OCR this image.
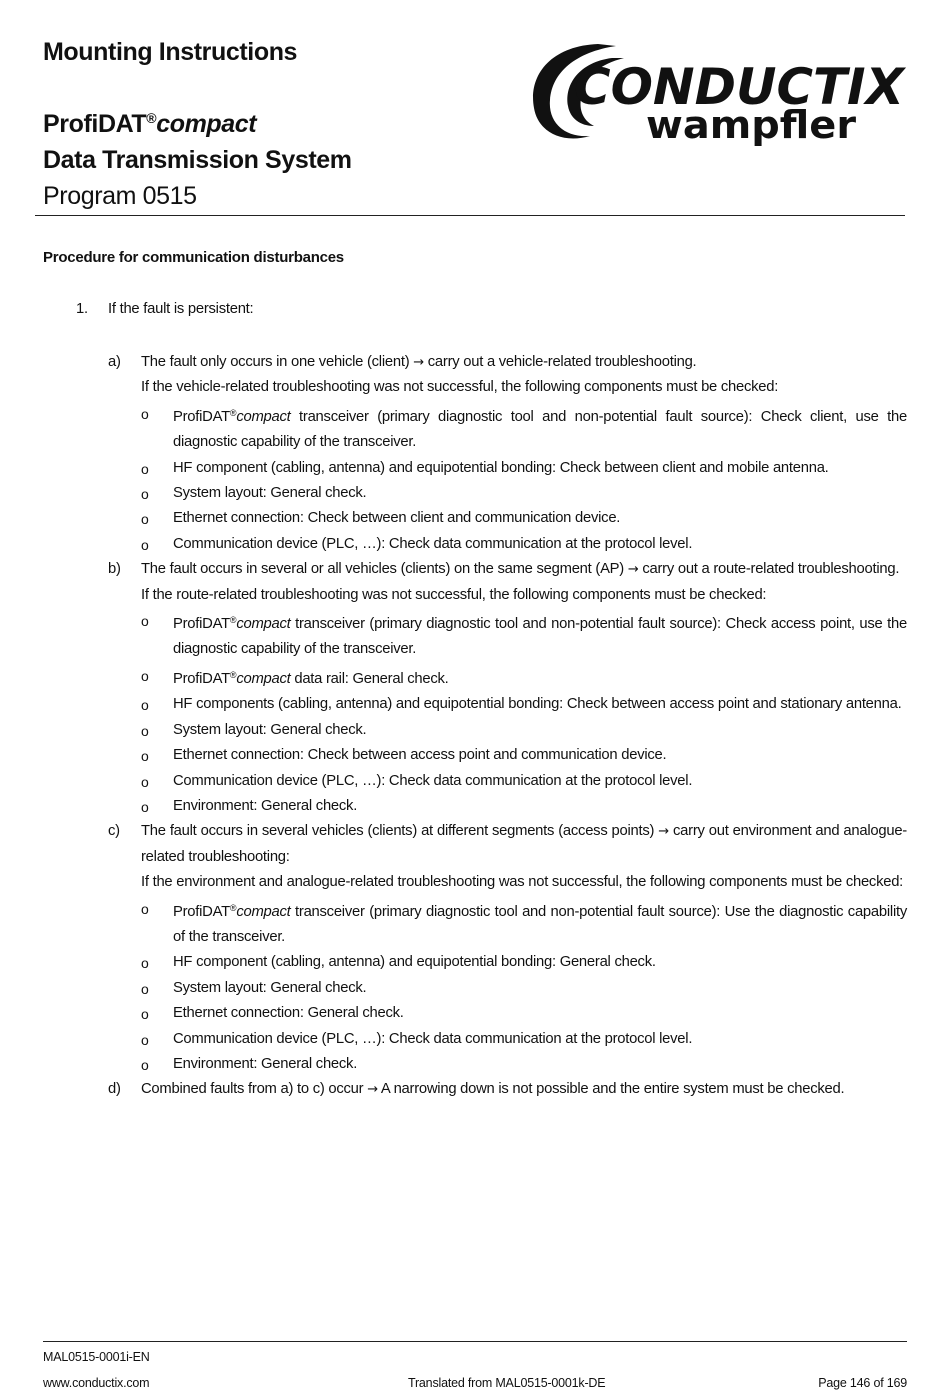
Mounting Instructions
ProfiDAT®compact
Data Transmission System
Program 0515
CONDUCTIX
wampfler
Procedure for communication disturbances
1. If the fault is persistent:
a) The fault only occurs in one vehicle (client) → carry out a vehicle-related troubleshooting.

If the vehicle-related troubleshooting was not successful, the following components must be checked:

o ProfiDAT®compact transceiver (primary diagnostic tool and non-potential fault source): Check client, use the diagnostic capability of the transceiver.
o HF component (cabling, antenna) and equipotential bonding: Check between client and mobile antenna.
o System layout: General check.
o Ethernet connection: Check between client and communication device.
o Communication device (PLC, …): Check data communication at the protocol level.
b) The fault occurs in several or all vehicles (clients) on the same segment (AP) → carry out a route-related troubleshooting.

If the route-related troubleshooting was not successful, the following components must be checked:

o ProfiDAT®compact transceiver (primary diagnostic tool and non-potential fault source): Check access point, use the diagnostic capability of the transceiver.
o ProfiDAT®compact data rail: General check.
o HF components (cabling, antenna) and equipotential bonding: Check between access point and stationary antenna.
o System layout: General check.
o Ethernet connection: Check between access point and communication device.
o Communication device (PLC, …): Check data communication at the protocol level.
o Environment: General check.
c) The fault occurs in several vehicles (clients) at different segments (access points) → carry out environment and analogue-related troubleshooting:

If the environment and analogue-related troubleshooting was not successful, the following components must be checked:

o ProfiDAT®compact transceiver (primary diagnostic tool and non-potential fault source): Use the diagnostic capability of the transceiver.
o HF component (cabling, antenna) and equipotential bonding: General check.
o System layout: General check.
o Ethernet connection: General check.
o Communication device (PLC, …): Check data communication at the protocol level.
o Environment: General check.
d) Combined faults from a) to c) occur → A narrowing down is not possible and the entire system must be checked.

MAL0515-0001i-EN
www.conductix.com	Translated from MAL0515-0001k-DE	Page 146 of 169
